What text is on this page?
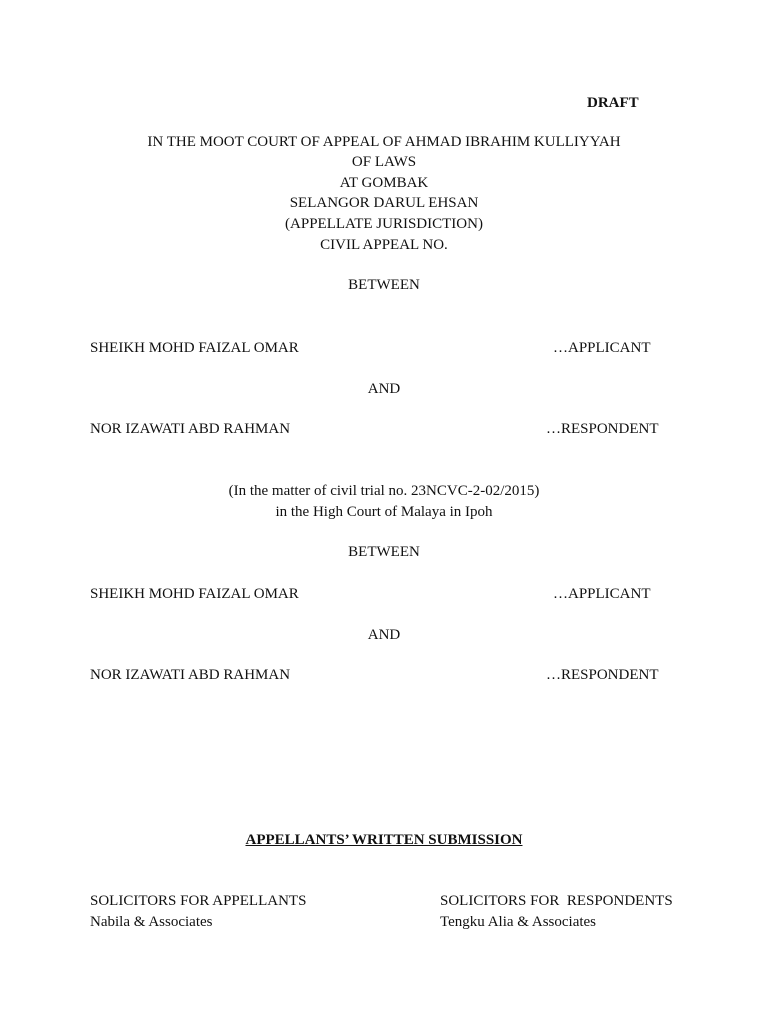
DRAFT
IN THE MOOT COURT OF APPEAL OF AHMAD IBRAHIM KULLIYYAH
OF LAWS
AT GOMBAK
SELANGOR DARUL EHSAN
(APPELLATE JURISDICTION)
CIVIL APPEAL NO.
BETWEEN
SHEIKH MOHD FAIZAL OMAR	…APPLICANT
AND
NOR IZAWATI ABD RAHMAN	…RESPONDENT
(In the matter of civil trial no. 23NCVC-2-02/2015)
in the High Court of Malaya in Ipoh
BETWEEN
SHEIKH MOHD FAIZAL OMAR	…APPLICANT
AND
NOR IZAWATI ABD RAHMAN	…RESPONDENT
APPELLANTS’ WRITTEN SUBMISSION
SOLICITORS FOR APPELLANTS
Nabila & Associates
SOLICITORS FOR  RESPONDENTS
Tengku Alia & Associates
